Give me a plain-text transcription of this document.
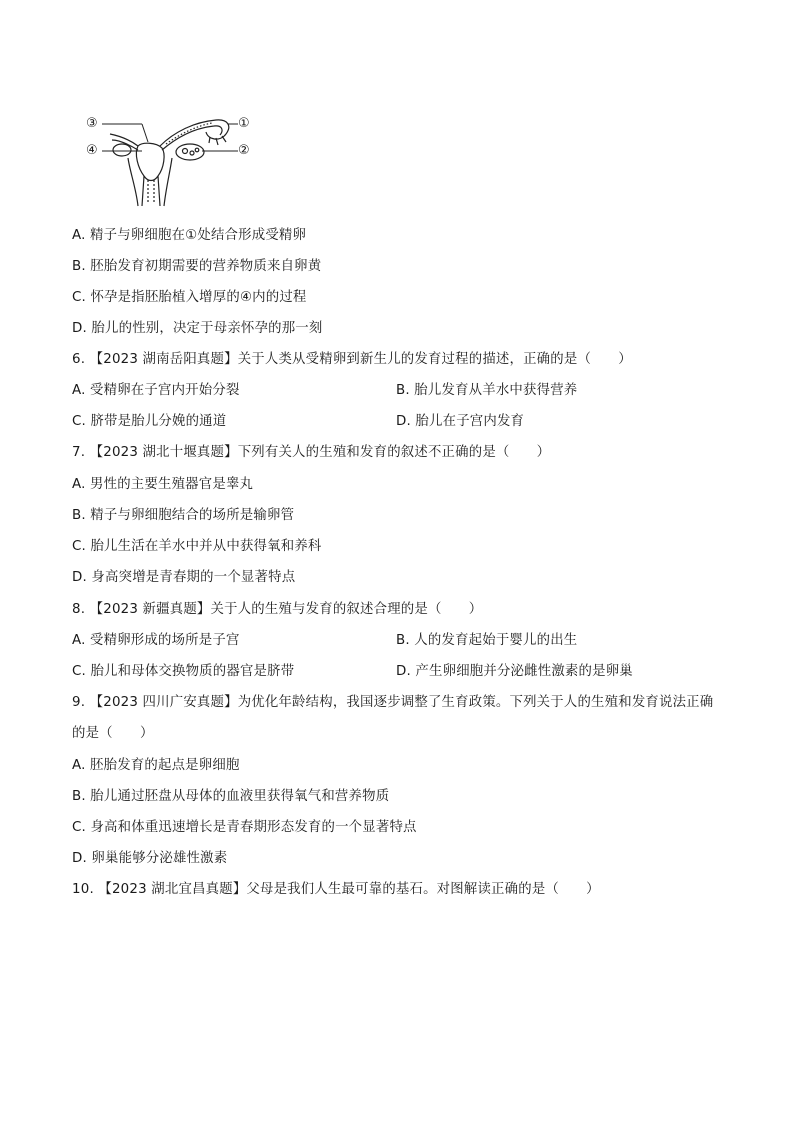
③
④
①
②
A. 精子与卵细胞在①处结合形成受精卵
B. 胚胎发育初期需要的营养物质来自卵黄
C. 怀孕是指胚胎植入增厚的④内的过程
D. 胎儿的性别，决定于母亲怀孕的那一刻
6. 【2023 湖南岳阳真题】关于人类从受精卵到新生儿的发育过程的描述，正确的是（　　）
A. 受精卵在子宫内开始分裂	B. 胎儿发育从羊水中获得营养
C. 脐带是胎儿分娩的通道	D. 胎儿在子宫内发育
7. 【2023 湖北十堰真题】下列有关人的生殖和发育的叙述不正确的是（　　）
A. 男性的主要生殖器官是睾丸
B. 精子与卵细胞结合的场所是输卵管
C. 胎儿生活在羊水中并从中获得氧和养科
D. 身高突增是青春期的一个显著特点
8. 【2023 新疆真题】关于人的生殖与发育的叙述合理的是（　　）
A. 受精卵形成的场所是子宫	B. 人的发育起始于婴儿的出生
C. 胎儿和母体交换物质的器官是脐带	D. 产生卵细胞并分泌雌性激素的是卵巢
9. 【2023 四川广安真题】为优化年龄结构，我国逐步调整了生育政策。下列关于人的生殖和发育说法正确
的是（　　）
A. 胚胎发育的起点是卵细胞
B. 胎儿通过胚盘从母体的血液里获得氧气和营养物质
C. 身高和体重迅速增长是青春期形态发育的一个显著特点
D. 卵巢能够分泌雄性激素
10. 【2023 湖北宜昌真题】父母是我们人生最可靠的基石。对图解读正确的是（　　）
